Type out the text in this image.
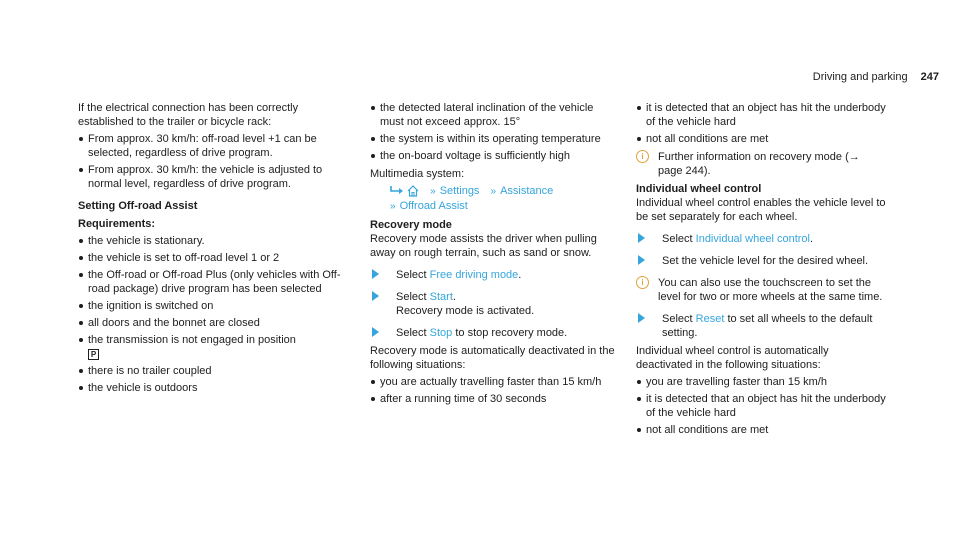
Driving and parking 247

If the electrical connection has been correctly established to the trailer or bicycle rack:

From approx. 30 km/h: off-road level +1 can be selected, regardless of drive program.
From approx. 30 km/h: the vehicle is adjusted to normal level, regardless of drive program.

Setting Off-road Assist

Requirements:

the vehicle is stationary.
the vehicle is set to off-road level 1 or 2
the Off-road or Off-road Plus (only vehicles with Off-road package) drive program has been selected
the ignition is switched on
all doors and the bonnet are closed
the transmission is not engaged in position
P
there is no trailer coupled
the vehicle is outdoors
the detected lateral inclination of the vehicle must not exceed approx. 15°
the system is within its operating temperature
the on-board voltage is sufficiently high

Multimedia system:

» Settings » Assistance
» Offroad Assist

Recovery mode

Recovery mode assists the driver when pulling away on rough terrain, such as sand or snow.

Select Free driving mode.
Select Start.
Recovery mode is activated.
Select Stop to stop recovery mode.

Recovery mode is automatically deactivated in the following situations:

you are actually travelling faster than 15 km/h
after a running time of 30 seconds
it is detected that an object has hit the underbody of the vehicle hard
not all conditions are met
i	Further information on recovery mode (→ page 244).

Individual wheel control

Individual wheel control enables the vehicle level to be set separately for each wheel.

Select Individual wheel control.
Set the vehicle level for the desired wheel.
i	You can also use the touchscreen to set the level for two or more wheels at the same time.
Select Reset to set all wheels to the default setting.

Individual wheel control is automatically deactivated in the following situations:

you are travelling faster than 15 km/h
it is detected that an object has hit the underbody of the vehicle hard
not all conditions are met
